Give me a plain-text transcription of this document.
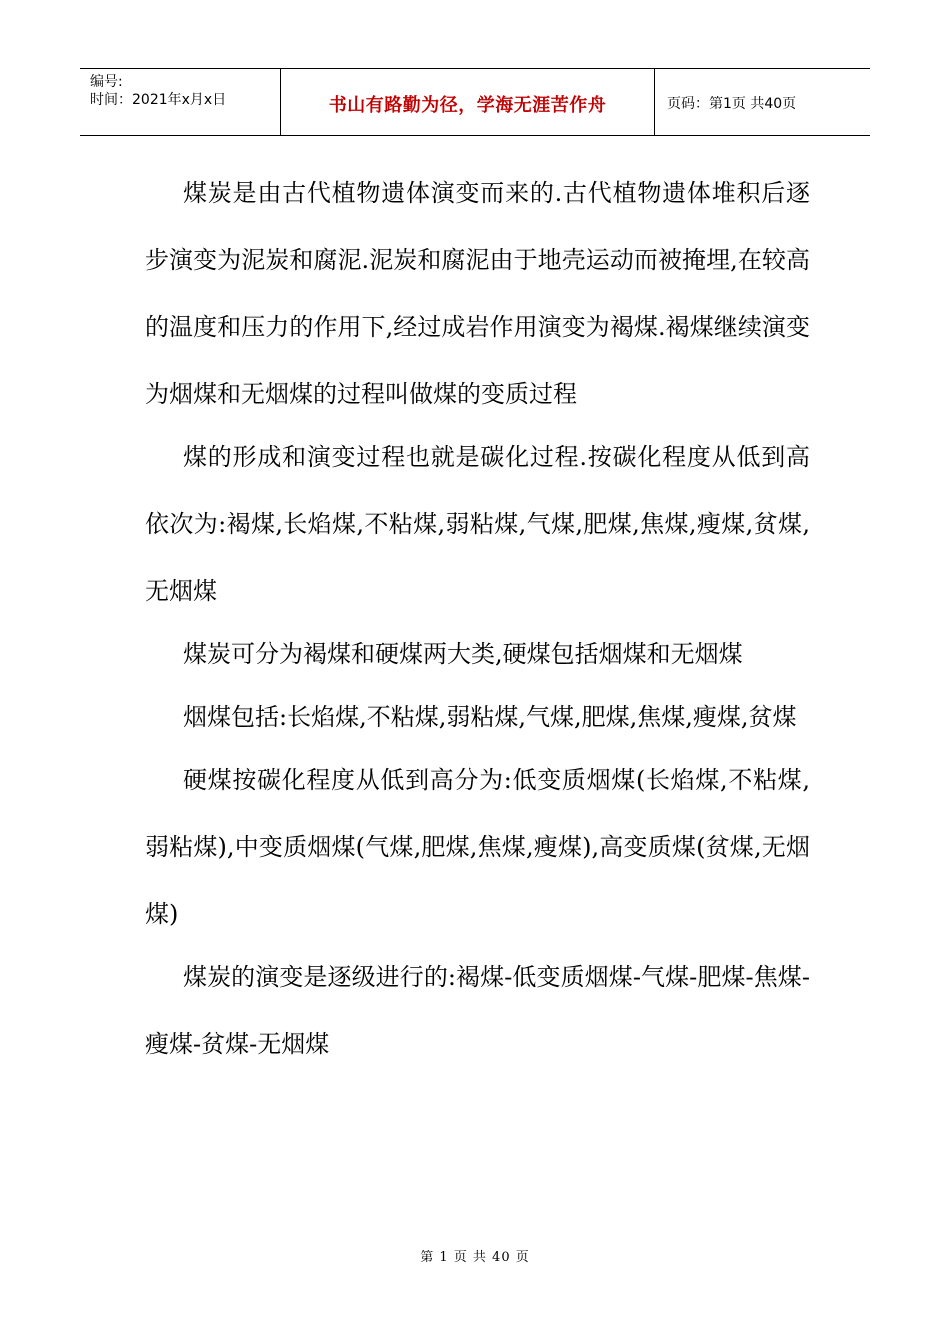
编号:
时间：2021年x月x日	书山有路勤为径，学海无涯苦作舟	页码：第1页 共40页

煤炭是由古代植物遗体演变而来的.古代植物遗体堆积后逐步演变为泥炭和腐泥.泥炭和腐泥由于地壳运动而被掩埋,在较高的温度和压力的作用下,经过成岩作用演变为褐煤.褐煤继续演变为烟煤和无烟煤的过程叫做煤的变质过程

煤的形成和演变过程也就是碳化过程.按碳化程度从低到高依次为:褐煤,长焰煤,不粘煤,弱粘煤,气煤,肥煤,焦煤,瘦煤,贫煤,无烟煤

煤炭可分为褐煤和硬煤两大类,硬煤包括烟煤和无烟煤

烟煤包括:长焰煤,不粘煤,弱粘煤,气煤,肥煤,焦煤,瘦煤,贫煤

硬煤按碳化程度从低到高分为:低变质烟煤(长焰煤,不粘煤,弱粘煤),中变质烟煤(气煤,肥煤,焦煤,瘦煤),高变质煤(贫煤,无烟煤)

煤炭的演变是逐级进行的:褐煤-低变质烟煤-气煤-肥煤-焦煤-瘦煤-贫煤-无烟煤

第 1 页 共 40 页
